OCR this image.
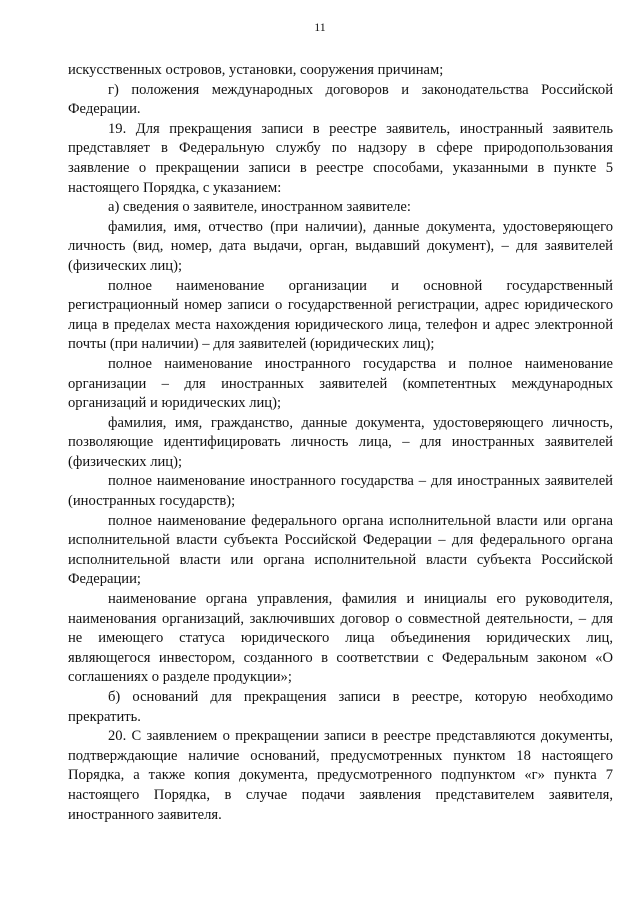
11

искусственных островов, установки, сооружения причинам;

г) положения международных договоров и законодательства Российской Федерации.

19. Для прекращения записи в реестре заявитель, иностранный заявитель представляет в Федеральную службу по надзору в сфере природопользования заявление о прекращении записи в реестре способами, указанными в пункте 5 настоящего Порядка, с указанием:

а) сведения о заявителе, иностранном заявителе:

фамилия, имя, отчество (при наличии), данные документа, удостоверяющего личность (вид, номер, дата выдачи, орган, выдавший документ), – для заявителей (физических лиц);

полное наименование организации и основной государственный регистрационный номер записи о государственной регистрации, адрес юридического лица в пределах места нахождения юридического лица, телефон и адрес электронной почты (при наличии) – для заявителей (юридических лиц);

полное наименование иностранного государства и полное наименование организации – для иностранных заявителей (компетентных международных организаций и юридических лиц);

фамилия, имя, гражданство, данные документа, удостоверяющего личность, позволяющие идентифицировать личность лица, – для иностранных заявителей (физических лиц);

полное наименование иностранного государства – для иностранных заявителей (иностранных государств);

полное наименование федерального органа исполнительной власти или органа исполнительной власти субъекта Российской Федерации – для федерального органа исполнительной власти или органа исполнительной власти субъекта Российской Федерации;

наименование органа управления, фамилия и инициалы его руководителя, наименования организаций, заключивших договор о совместной деятельности, – для не имеющего статуса юридического лица объединения юридических лиц, являющегося инвестором, созданного в соответствии с Федеральным законом «О соглашениях о разделе продукции»;

б) оснований для прекращения записи в реестре, которую необходимо прекратить.

20. С заявлением о прекращении записи в реестре представляются документы, подтверждающие наличие оснований, предусмотренных пунктом 18 настоящего Порядка, а также копия документа, предусмотренного подпунктом «г» пункта 7 настоящего Порядка, в случае подачи заявления представителем заявителя, иностранного заявителя.
